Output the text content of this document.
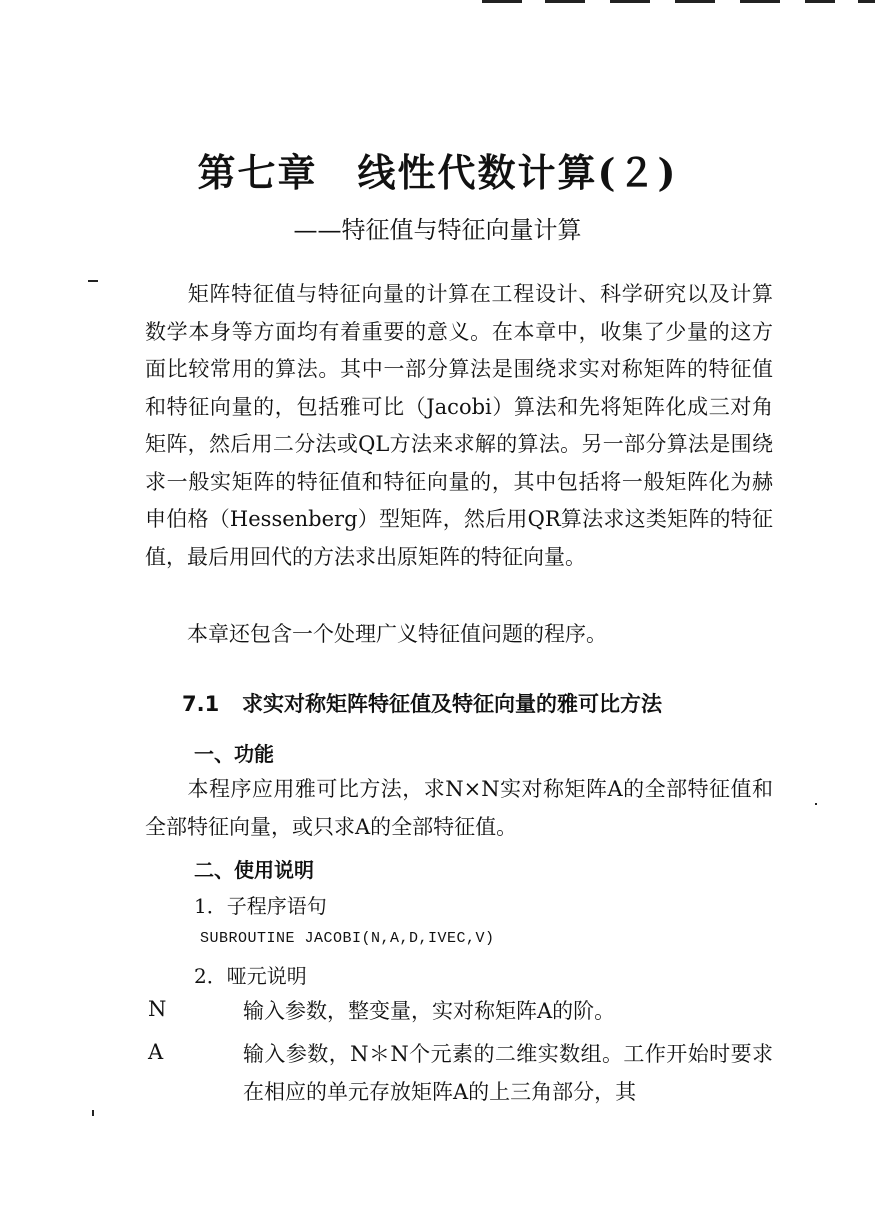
第七章　线性代数计算(２)
——特征值与特征向量计算
矩阵特征值与特征向量的计算在工程设计、科学研究以及计算数学本身等方面均有着重要的意义。在本章中，收集了少量的这方面比较常用的算法。其中一部分算法是围绕求实对称矩阵的特征值和特征向量的，包括雅可比（Jacobi）算法和先将矩阵化成三对角矩阵，然后用二分法或QL方法来求解的算法。另一部分算法是围绕求一般实矩阵的特征值和特征向量的，其中包括将一般矩阵化为赫申伯格（Hessenberg）型矩阵，然后用QR算法求这类矩阵的特征值，最后用回代的方法求出原矩阵的特征向量。
本章还包含一个处理广义特征值问题的程序。
7.1 求实对称矩阵特征值及特征向量的雅可比方法
一、功能
本程序应用雅可比方法，求N×N实对称矩阵A的全部特征值和全部特征向量，或只求A的全部特征值。
二、使用说明
1．子程序语句
SUBROUTINE JACOBI(N,A,D,IVEC,V)
2．哑元说明
N	输入参数，整变量，实对称矩阵A的阶。
A	输入参数，N＊N个元素的二维实数组。工作开始时要求在相应的单元存放矩阵A的上三角部分，其
